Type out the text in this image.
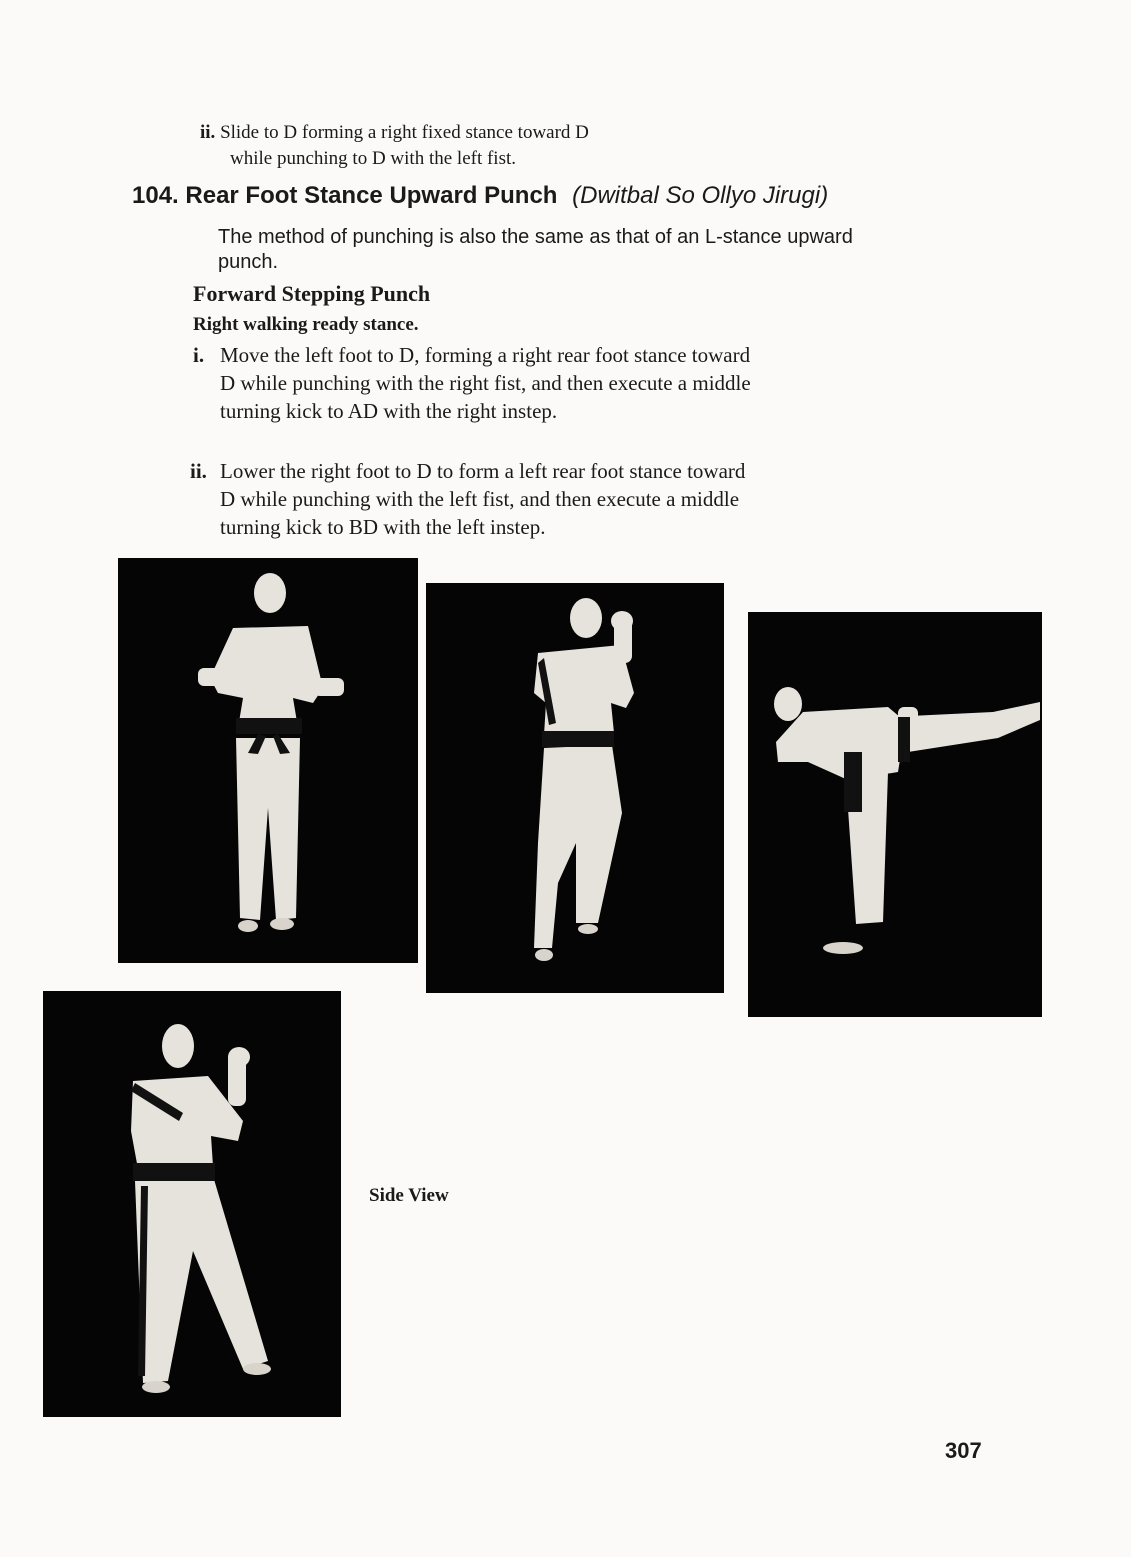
ii. Slide to D forming a right fixed stance toward D
while punching to D with the left fist.
104. Rear Foot Stance Upward Punch (Dwitbal So Ollyo Jirugi)
The method of punching is also the same as that of an L-stance upward
punch.
Forward Stepping Punch
Right walking ready stance.
i. Move the left foot to D, forming a right rear foot stance toward
D while punching with the right fist, and then execute a middle
turning kick to AD with the right instep.
ii. Lower the right foot to D to form a left rear foot stance toward
D while punching with the left fist, and then execute a middle
turning kick to BD with the left instep.
Side View
307
